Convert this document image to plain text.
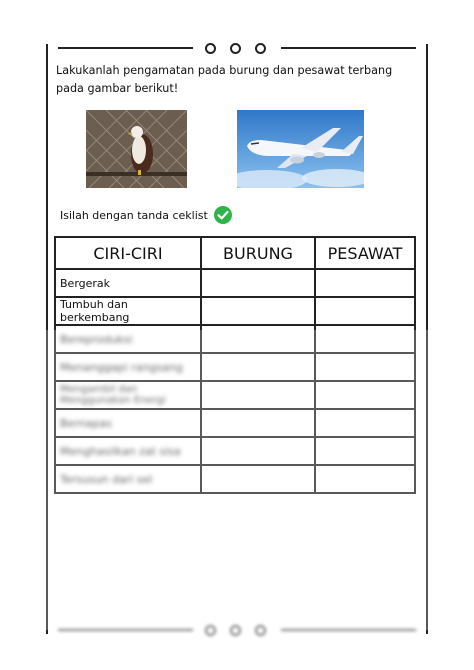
Lakukanlah pengamatan pada burung dan pesawat terbang pada gambar berikut!
Isilah dengan tanda ceklist
CIRI-CIRI	BURUNG	PESAWAT
Bergerak		
Tumbuh dan berkembang		
Bereproduksi		
Menanggapi rangsang		
Mengambil dan Menggunakan Energi		
Bernapas		
Menghasilkan zat sisa		
Tersusun dari sel		
